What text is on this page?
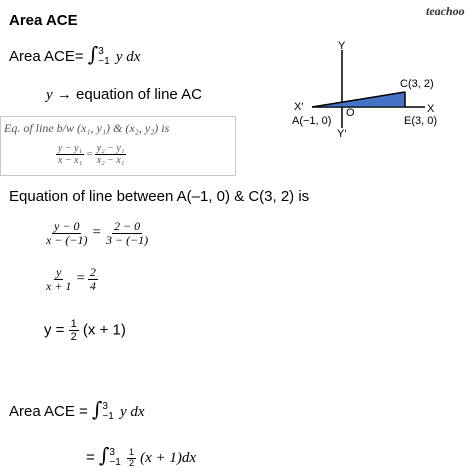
teachoo
Area ACE
Area ACE= ∫ 3
−1 y dx
y → equation of line AC
Eq. of line b/w (x₁, y₁) & (x₂, y₂) is
$\frac{\text{y − y₁}}{\text{x − x₁}} = \frac{\text{y₂ − y₁}}{\text{x₂ − x₁}}$
Equation of line between A(–1, 0) & C(3, 2) is
$\frac{y - 0}{x - (-1)} = \frac{2 - 0}{3 - (-1)}$
$\frac{y}{x + 1} = \frac{2}{4}$
$y = \frac{1}{2} (x + 1)$
Area ACE = ∫ 3
−1 y dx
= ∫ 3
−1
$\frac{1}{2} (x + 1)dx$
Y
Y′
X
X′	O
C(3, 2)
A(−1, 0)	E(3, 0)
